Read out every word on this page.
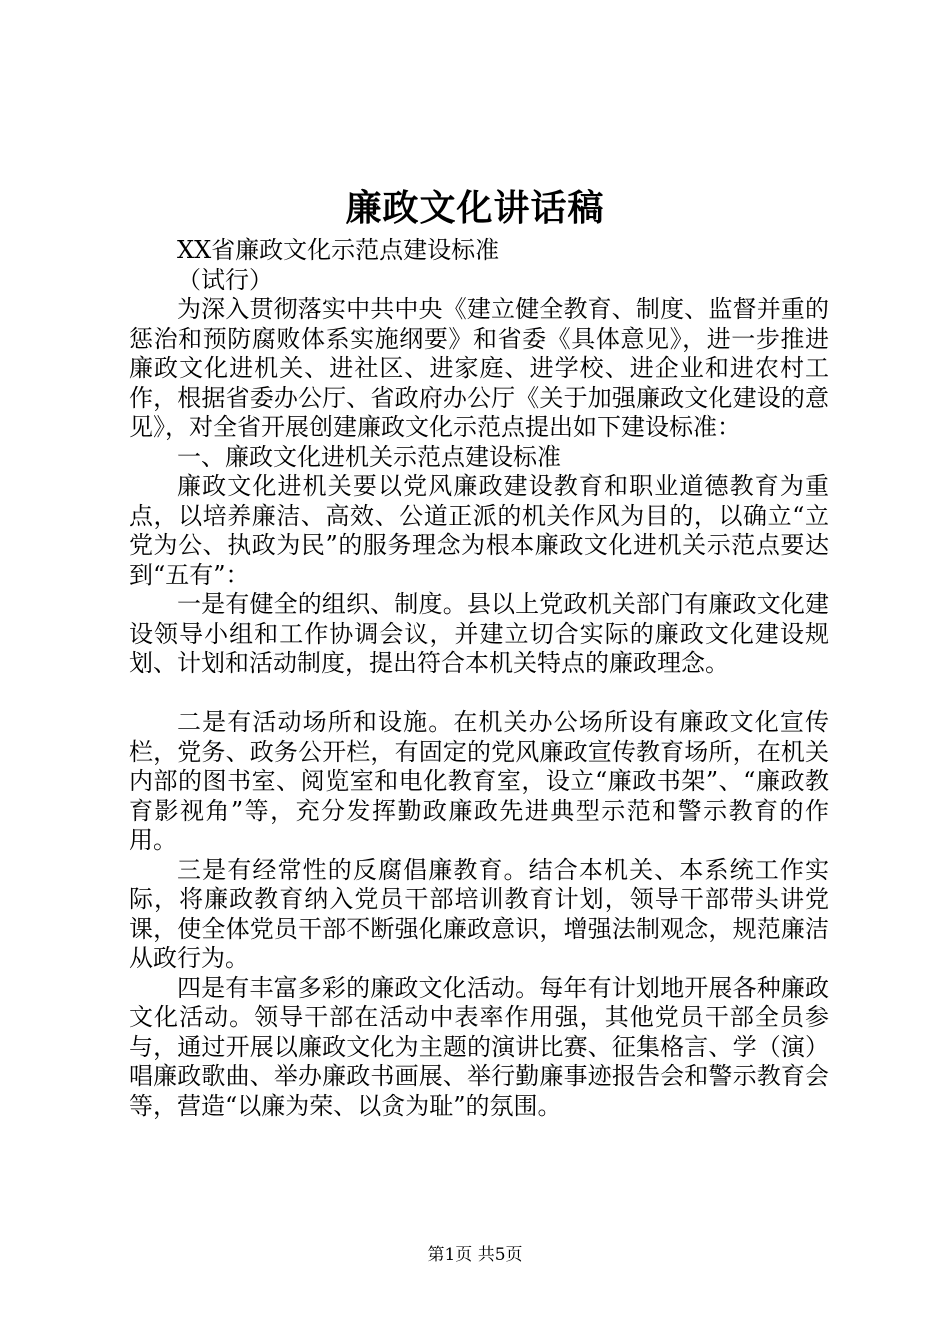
廉政文化讲话稿

XX省廉政文化示范点建设标准

（试行）

为深入贯彻落实中共中央《建立健全教育、制度、监督并重的惩治和预防腐败体系实施纲要》和省委《具体意见》，进一步推进廉政文化进机关、进社区、进家庭、进学校、进企业和进农村工作，根据省委办公厅、省政府办公厅《关于加强廉政文化建设的意见》，对全省开展创建廉政文化示范点提出如下建设标准：

一、廉政文化进机关示范点建设标准

廉政文化进机关要以党风廉政建设教育和职业道德教育为重点，以培养廉洁、高效、公道正派的机关作风为目的，以确立“立党为公、执政为民”的服务理念为根本廉政文化进机关示范点要达到“五有”：

一是有健全的组织、制度。县以上党政机关部门有廉政文化建设领导小组和工作协调会议，并建立切合实际的廉政文化建设规划、计划和活动制度，提出符合本机关特点的廉政理念。

二是有活动场所和设施。在机关办公场所设有廉政文化宣传栏，党务、政务公开栏，有固定的党风廉政宣传教育场所，在机关内部的图书室、阅览室和电化教育室，设立“廉政书架”、“廉政教育影视角”等，充分发挥勤政廉政先进典型示范和警示教育的作用。

三是有经常性的反腐倡廉教育。结合本机关、本系统工作实际，将廉政教育纳入党员干部培训教育计划，领导干部带头讲党课，使全体党员干部不断强化廉政意识，增强法制观念，规范廉洁从政行为。

四是有丰富多彩的廉政文化活动。每年有计划地开展各种廉政文化活动。领导干部在活动中表率作用强，其他党员干部全员参与，通过开展以廉政文化为主题的演讲比赛、征集格言、学（演）唱廉政歌曲、举办廉政书画展、举行勤廉事迹报告会和警示教育会等，营造“以廉为荣、以贪为耻”的氛围。

第1页 共5页
